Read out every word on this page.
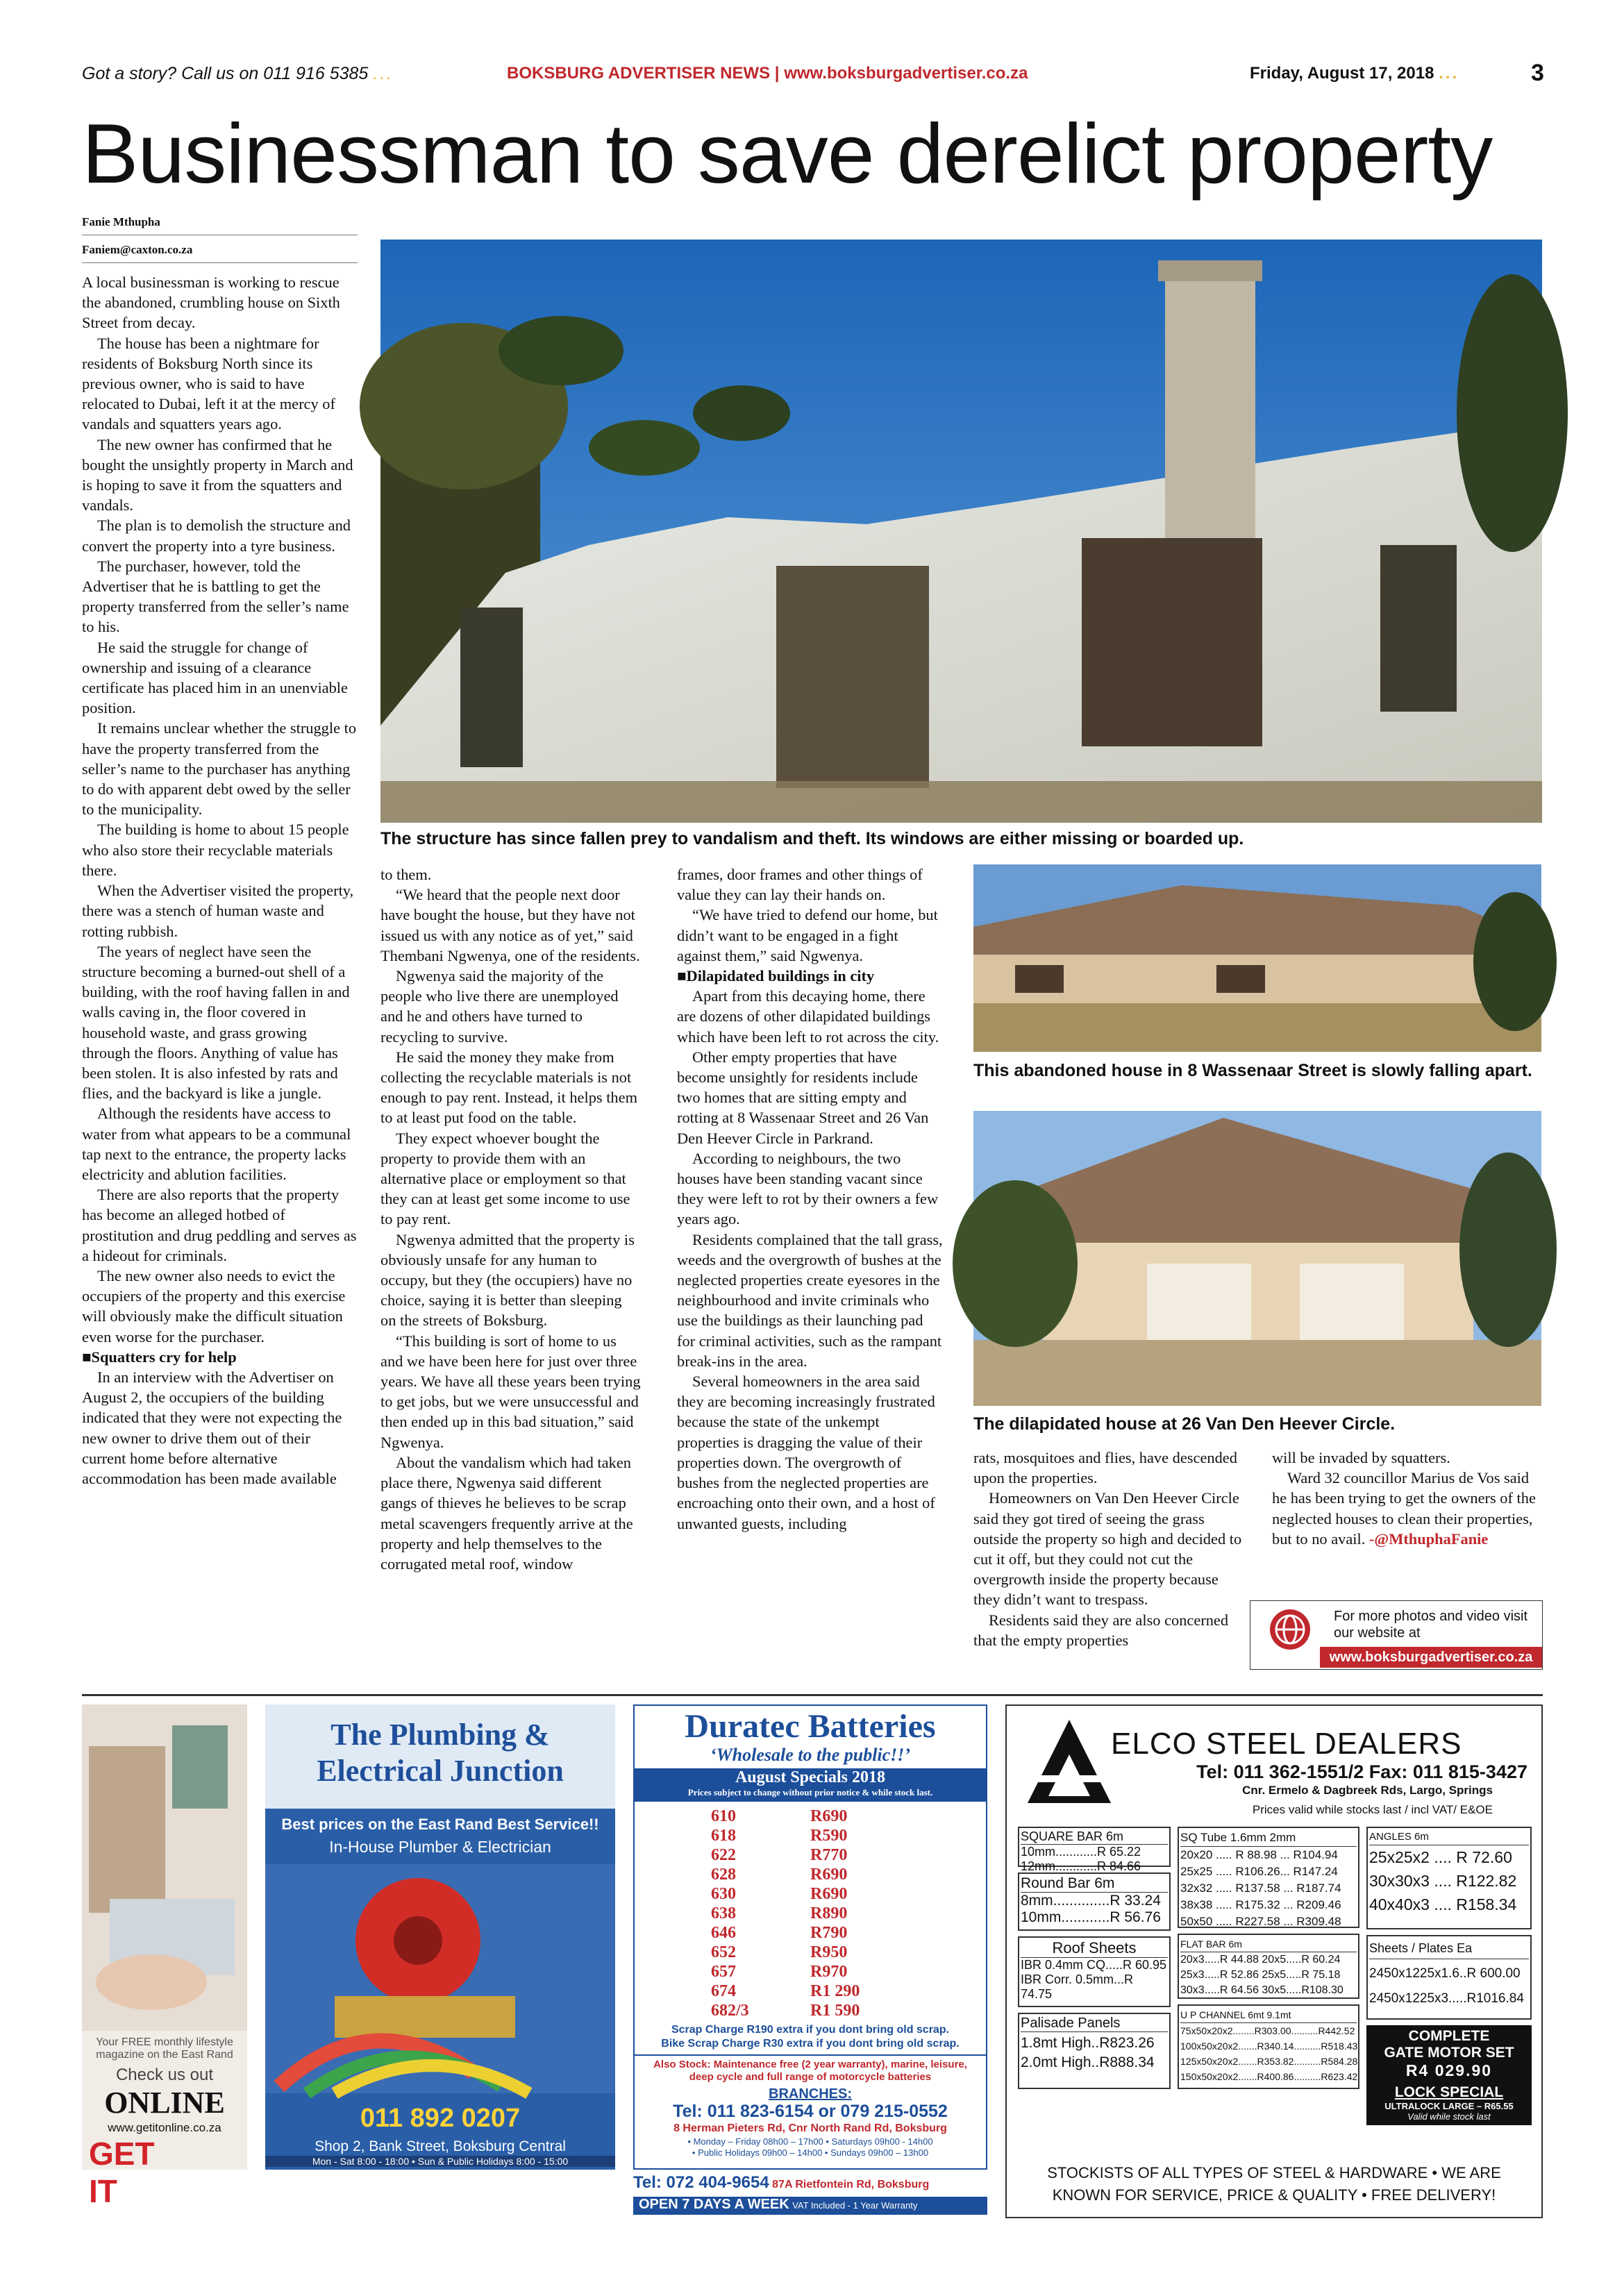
Got a story? Call us on 011 916 5385 ...	BOKSBURG ADVERTISER NEWS | www.boksburgadvertiser.co.za	Friday, August 17, 2018 ...	3
Businessman to save derelict property
Fanie Mthupha
Faniem@caxton.co.za

A local businessman is working to rescue the abandoned, crumbling house on Sixth Street from decay.

The house has been a nightmare for residents of Boksburg North since its previous owner, who is said to have relocated to Dubai, left it at the mercy of vandals and squatters years ago.

The new owner has confirmed that he bought the unsightly property in March and is hoping to save it from the squatters and vandals.

The plan is to demolish the structure and convert the property into a tyre business.

The purchaser, however, told the Advertiser that he is battling to get the property transferred from the seller’s name to his.

He said the struggle for change of ownership and issuing of a clearance certificate has placed him in an unenviable position.

It remains unclear whether the struggle to have the property transferred from the seller’s name to the purchaser has anything to do with apparent debt owed by the seller to the municipality.

The building is home to about 15 people who also store their recyclable materials there.

When the Advertiser visited the property, there was a stench of human waste and rotting rubbish.

The years of neglect have seen the structure becoming a burned-out shell of a building, with the roof having fallen in and walls caving in, the floor covered in household waste, and grass growing through the floors. Anything of value has been stolen. It is also infested by rats and flies, and the backyard is like a jungle.

Although the residents have access to water from what appears to be a communal tap next to the entrance, the property lacks electricity and ablution facilities.

There are also reports that the property has become an alleged hotbed of prostitution and drug peddling and serves as a hideout for criminals.

The new owner also needs to evict the occupiers of the property and this exercise will obviously make the difficult situation even worse for the purchaser.

■Squatters cry for help

In an interview with the Advertiser on August 2, the occupiers of the building indicated that they were not expecting the new owner to drive them out of their current home before alternative accommodation has been made available

The structure has since fallen prey to vandalism and theft. Its windows are either missing or boarded up.

to them.

“We heard that the people next door have bought the house, but they have not issued us with any notice as of yet,” said Thembani Ngwenya, one of the residents.

Ngwenya said the majority of the people who live there are unemployed and he and others have turned to recycling to survive.

He said the money they make from collecting the recyclable materials is not enough to pay rent. Instead, it helps them to at least put food on the table.

They expect whoever bought the property to provide them with an alternative place or employment so that they can at least get some income to use to pay rent.

Ngwenya admitted that the property is obviously unsafe for any human to occupy, but they (the occupiers) have no choice, saying it is better than sleeping on the streets of Boksburg.

“This building is sort of home to us and we have been here for just over three years. We have all these years been trying to get jobs, but we were unsuccessful and then ended up in this bad situation,” said Ngwenya.

About the vandalism which had taken place there, Ngwenya said different gangs of thieves he believes to be scrap metal scavengers frequently arrive at the property and help themselves to the corrugated metal roof, window

frames, door frames and other things of value they can lay their hands on.

“We have tried to defend our home, but didn’t want to be engaged in a fight against them,” said Ngwenya.

■Dilapidated buildings in city

Apart from this decaying home, there are dozens of other dilapidated buildings which have been left to rot across the city.

Other empty properties that have become unsightly for residents include two homes that are sitting empty and rotting at 8 Wassenaar Street and 26 Van Den Heever Circle in Parkrand.

According to neighbours, the two houses have been standing vacant since they were left to rot by their owners a few years ago.

Residents complained that the tall grass, weeds and the overgrowth of bushes at the neglected properties create eyesores in the neighbourhood and invite criminals who use the buildings as their launching pad for criminal activities, such as the rampant break-ins in the area.

Several homeowners in the area said they are becoming increasingly frustrated because the state of the unkempt properties is dragging the value of their properties down. The overgrowth of bushes from the neglected properties are encroaching onto their own, and a host of unwanted guests, including

This abandoned house in 8 Wassenaar Street is slowly falling apart.
The dilapidated house at 26 Van Den Heever Circle.

rats, mosquitoes and flies, have descended upon the properties.

Homeowners on Van Den Heever Circle said they got tired of seeing the grass outside the property so high and decided to cut it off, but they could not cut the overgrowth inside the property because they didn’t want to trespass.

Residents said they are also concerned that the empty properties

will be invaded by squatters.

Ward 32 councillor Marius de Vos said he has been trying to get the owners of the neglected houses to clean their properties, but to no avail. -@MthuphaFanie

For more photos and video visit our website at
www.boksburgadvertiser.co.za
Your FREE monthly lifestyle magazine on the East Rand
Check us out
ONLINE
www.getitonline.co.za
GET IT
The Plumbing &
Electrical Junction
Best prices on the East Rand Best Service!!
In-House Plumber & Electrician
011 892 0207
Shop 2, Bank Street, Boksburg Central
Mon - Sat 8:00 - 18:00 • Sun & Public Holidays 8:00 - 15:00
Duratec Batteries
‘Wholesale to the public!!’
August Specials 2018
Prices subject to change without prior notice & while stock last.
610	R690
618	R590
622	R770
628	R690
630	R690
638	R890
646	R790
652	R950
657	R970
674	R1 290
682/3	R1 590
Scrap Charge R190 extra if you dont bring old scrap.
Bike Scrap Charge R30 extra if you dont bring old scrap.
Also Stock: Maintenance free (2 year warranty), marine, leisure,
deep cycle and full range of motorcycle batteries
BRANCHES:
Tel: 011 823-6154 or 079 215-0552
8 Herman Pieters Rd, Cnr North Rand Rd, Boksburg
• Monday – Friday 08h00 – 17h00 • Saturdays 09h00 - 14h00
• Public Holidays 09h00 – 14h00 • Sundays 09h00 – 13h00
Tel: 072 404-9654 87A Rietfontein Rd, Boksburg
OPEN 7 DAYS A WEEK VAT Included - 1 Year Warranty
ELCO STEEL DEALERS
Tel: 011 362-1551/2 Fax: 011 815-3427
Cnr. Ermelo & Dagbreek Rds, Largo, Springs
Prices valid while stocks last / incl VAT/ E&OE
SQUARE BAR 6m
10mm............R 65.22
12mm............R 84.66
Round Bar 6m
8mm..............R 33.24
10mm............R 56.76
Roof Sheets
IBR 0.4mm CQ.....R 60.95
IBR Corr. 0.5mm...R 74.75
Palisade Panels
1.8mt High..R823.26
2.0mt High..R888.34
SQ Tube 1.6mm 2mm
20x20 ..... R 88.98 ... R104.94
25x25 ..... R106.26... R147.24
32x32 ..... R137.58 ... R187.74
38x38 ..... R175.32 ... R209.46
50x50 ..... R227.58 ... R309.48
FLAT BAR 6m
20x3.....R 44.88 20x5.....R 60.24
25x3.....R 52.86 25x5.....R 75.18
30x3.....R 64.56 30x5.....R108.30
U P CHANNEL 6mt 9.1mt
75x50x20x2........R303.00..........R442.52
100x50x20x2.......R340.14..........R518.43
125x50x20x2.......R353.82..........R584.28
150x50x20x2.......R400.86..........R623.42
ANGLES 6m
25x25x2 .... R 72.60
30x30x3 .... R122.82
40x40x3 .... R158.34
Sheets / Plates Ea
2450x1225x1.6..R 600.00
2450x1225x3.....R1016.84
COMPLETE
GATE MOTOR SET
R4 029.90
LOCK SPECIAL
ULTRALOCK LARGE – R65.55
Valid while stock last
STOCKISTS OF ALL TYPES OF STEEL & HARDWARE • WE ARE
KNOWN FOR SERVICE, PRICE & QUALITY • FREE DELIVERY!
